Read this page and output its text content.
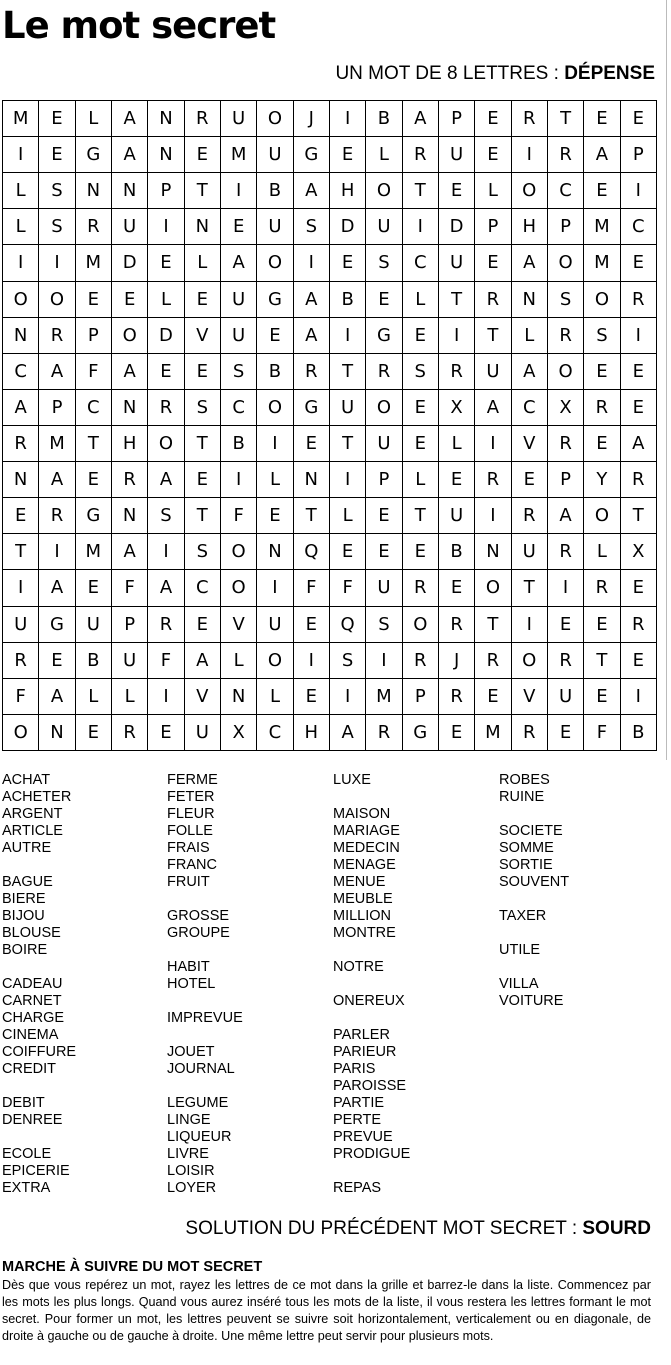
Le mot secret
UN MOT DE 8 LETTRES : DÉPENSE
M	E	L	A	N	R	U	O	J	I	B	A	P	E	R	T	E	E
I	E	G	A	N	E	M	U	G	E	L	R	U	E	I	R	A	P
L	S	N	N	P	T	I	B	A	H	O	T	E	L	O	C	E	I
L	S	R	U	I	N	E	U	S	D	U	I	D	P	H	P	M	C
I	I	M	D	E	L	A	O	I	E	S	C	U	E	A	O	M	E
O	O	E	E	L	E	U	G	A	B	E	L	T	R	N	S	O	R
N	R	P	O	D	V	U	E	A	I	G	E	I	T	L	R	S	I
C	A	F	A	E	E	S	B	R	T	R	S	R	U	A	O	E	E
A	P	C	N	R	S	C	O	G	U	O	E	X	A	C	X	R	E
R	M	T	H	O	T	B	I	E	T	U	E	L	I	V	R	E	A
N	A	E	R	A	E	I	L	N	I	P	L	E	R	E	P	Y	R
E	R	G	N	S	T	F	E	T	L	E	T	U	I	R	A	O	T
T	I	M	A	I	S	O	N	Q	E	E	E	B	N	U	R	L	X
I	A	E	F	A	C	O	I	F	F	U	R	E	O	T	I	R	E
U	G	U	P	R	E	V	U	E	Q	S	O	R	T	I	E	E	R
R	E	B	U	F	A	L	O	I	S	I	R	J	R	O	R	T	E
F	A	L	L	I	V	N	L	E	I	M	P	R	E	V	U	E	I
O	N	E	R	E	U	X	C	H	A	R	G	E	M	R	E	F	B
ACHAT
ACHETER
ARGENT
ARTICLE
AUTRE
BAGUE
BIERE
BIJOU
BLOUSE
BOIRE
CADEAU
CARNET
CHARGE
CINEMA
COIFFURE
CREDIT
DEBIT
DENREE
ECOLE
EPICERIE
EXTRA
FERME
FETER
FLEUR
FOLLE
FRAIS
FRANC
FRUIT
GROSSE
GROUPE
HABIT
HOTEL
IMPREVUE
JOUET
JOURNAL
LEGUME
LINGE
LIQUEUR
LIVRE
LOISIR
LOYER
LUXE
MAISON
MARIAGE
MEDECIN
MENAGE
MENUE
MEUBLE
MILLION
MONTRE
NOTRE
ONEREUX
PARLER
PARIEUR
PARIS
PAROISSE
PARTIE
PERTE
PREVUE
PRODIGUE
REPAS
ROBES
RUINE
SOCIETE
SOMME
SORTIE
SOUVENT
TAXER
UTILE
VILLA
VOITURE
SOLUTION DU PRÉCÉDENT MOT SECRET : SOURD
MARCHE À SUIVRE DU MOT SECRET

Dès que vous repérez un mot, rayez les lettres de ce mot dans la grille et barrez-le dans la liste. Commencez par les mots les plus longs. Quand vous aurez inséré tous les mots de la liste, il vous restera les lettres formant le mot secret. Pour former un mot, les lettres peuvent se suivre soit horizontalement, verticalement ou en diagonale, de droite à gauche ou de gauche à droite. Une même lettre peut servir pour plusieurs mots.
